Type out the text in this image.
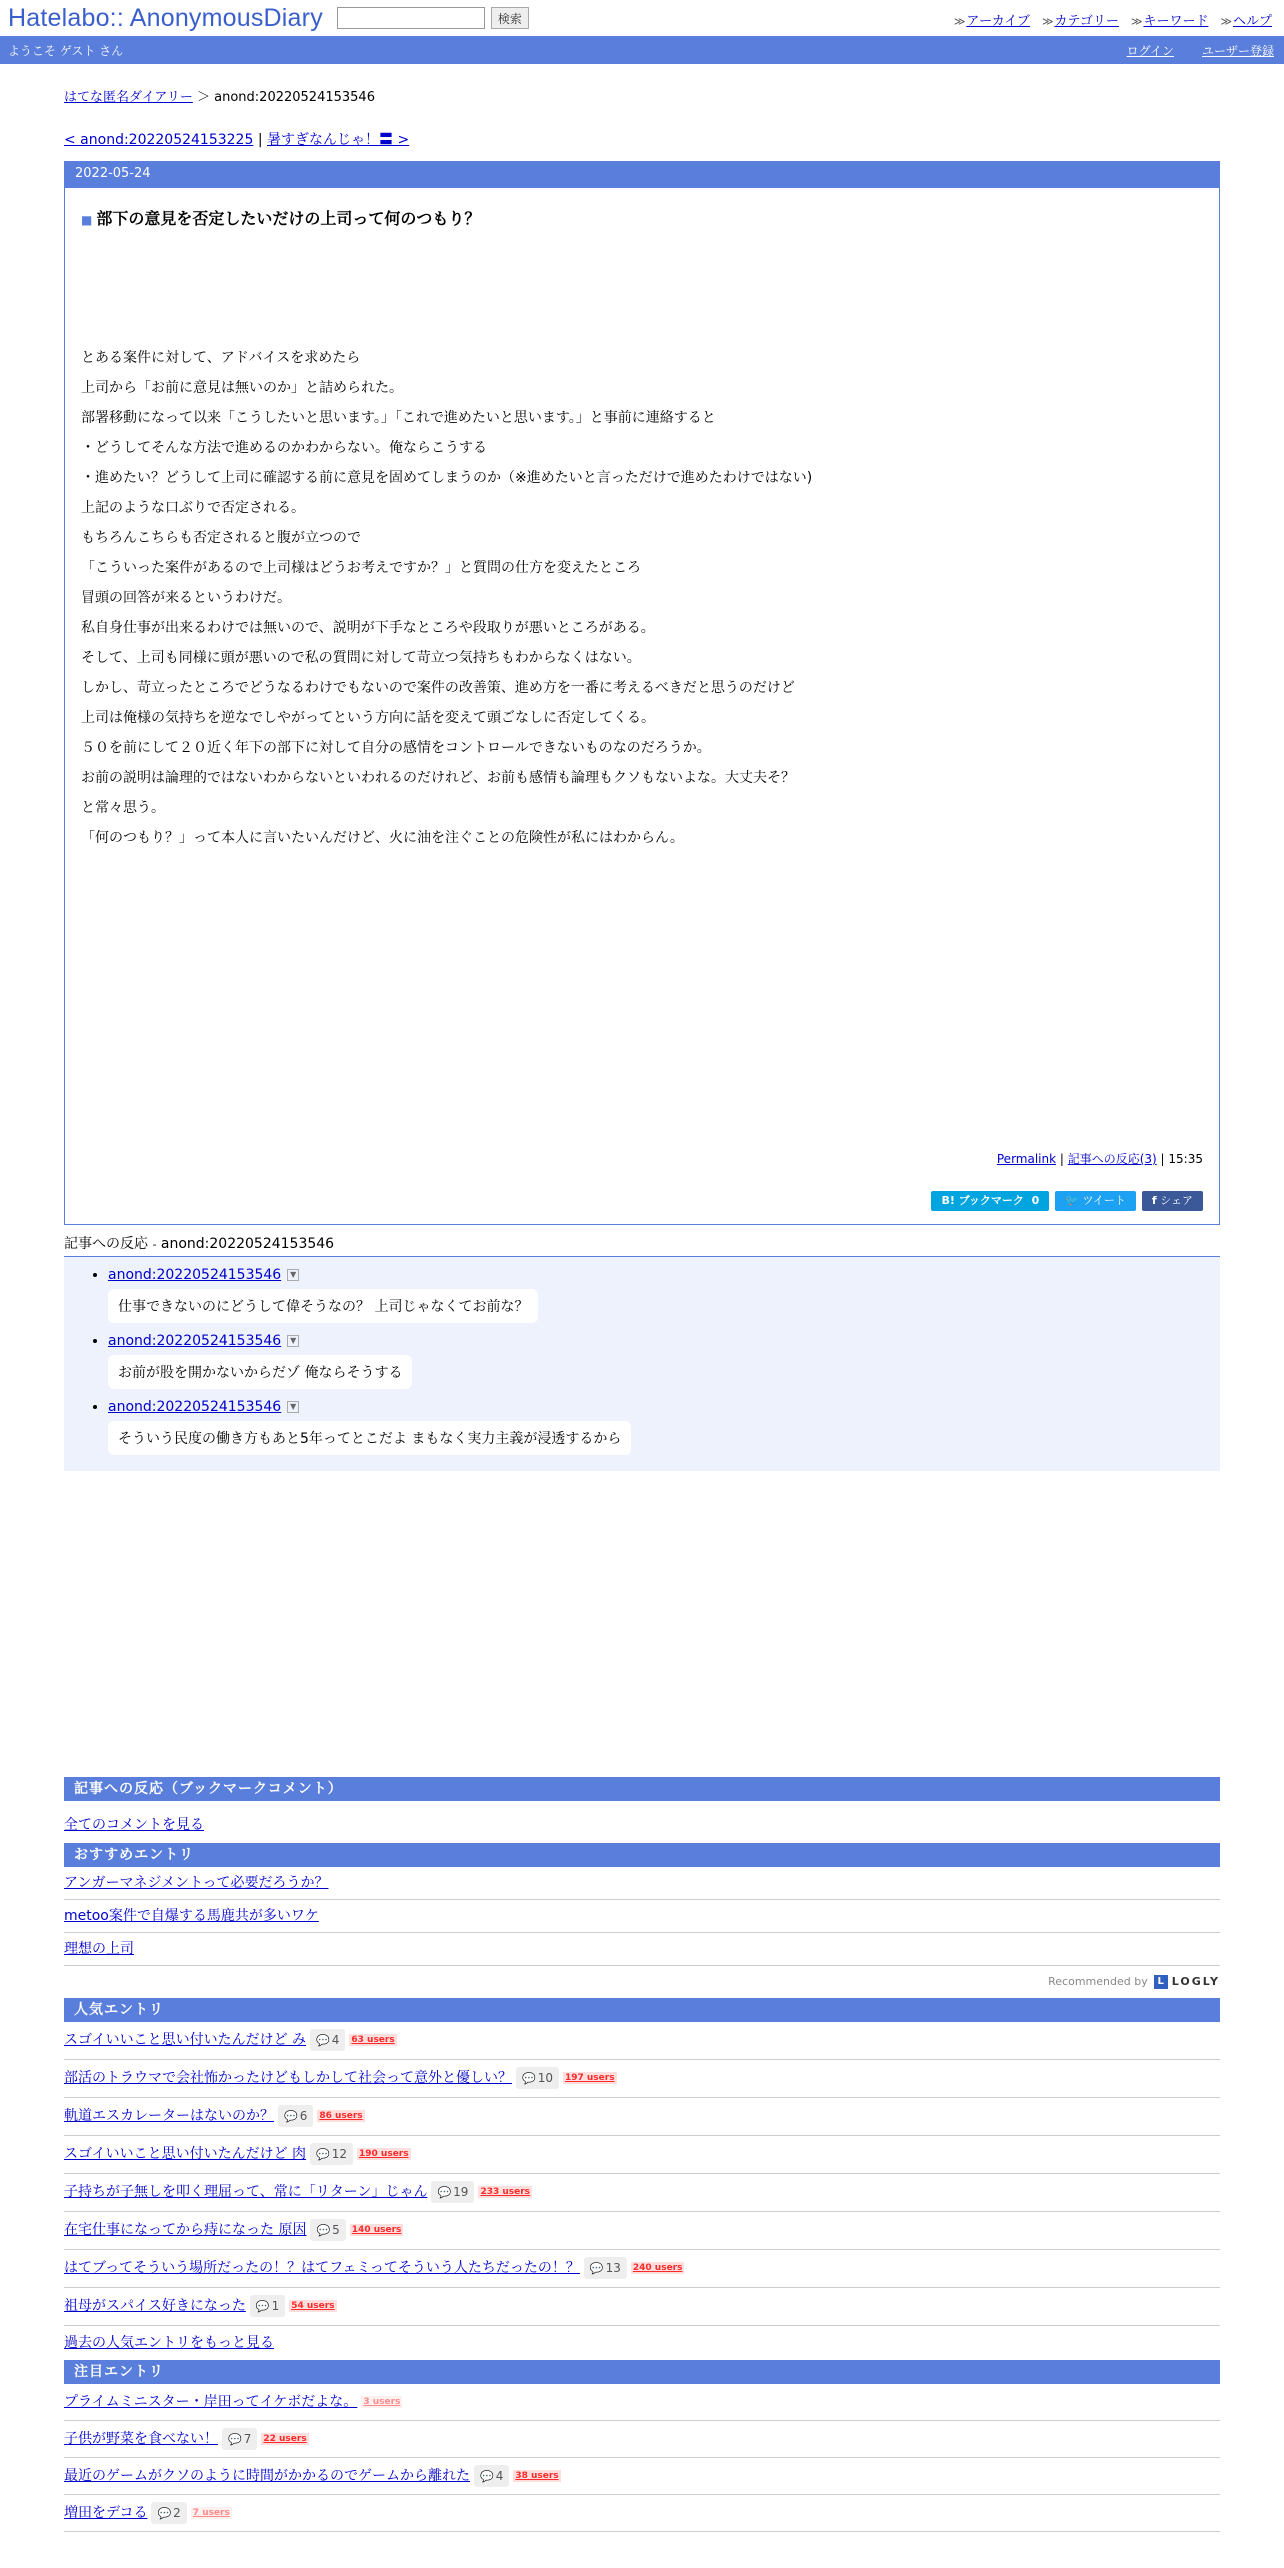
Hatelabo:: AnonymousDiary	検索	≫アーカイブ ≫カテゴリー ≫キーワード ≫ヘルプ
ようこそ ゲスト さん	ログイン ユーザー登録
はてな匿名ダイアリー ＞ anond:20220524153546
< anond:20220524153225 | 暑すぎなんじゃ！〓 >
2022-05-24
■ 部下の意見を否定したいだけの上司って何のつもり？

とある案件に対して、アドバイスを求めたら

上司から「お前に意見は無いのか」と詰められた。

部署移動になって以来「こうしたいと思います。」「これで進めたいと思います。」と事前に連絡すると

・どうしてそんな方法で進めるのかわからない。俺ならこうする

・進めたい？どうして上司に確認する前に意見を固めてしまうのか（※進めたいと言っただけで進めたわけではない)

上記のような口ぶりで否定される。

もちろんこちらも否定されると腹が立つので

「こういった案件があるので上司様はどうお考えですか？」と質問の仕方を変えたところ

冒頭の回答が来るというわけだ。

私自身仕事が出来るわけでは無いので、説明が下手なところや段取りが悪いところがある。

そして、上司も同様に頭が悪いので私の質問に対して苛立つ気持ちもわからなくはない。

しかし、苛立ったところでどうなるわけでもないので案件の改善策、進め方を一番に考えるべきだと思うのだけど

上司は俺様の気持ちを逆なでしやがってという方向に話を変えて頭ごなしに否定してくる。

５０を前にして２０近く年下の部下に対して自分の感情をコントロールできないものなのだろうか。

お前の説明は論理的ではないわからないといわれるのだけれど、お前も感情も論理もクソもないよな。大丈夫そ？

と常々思う。

「何のつもり？」って本人に言いたいんだけど、火に油を注ぐことの危険性が私にはわからん。

Permalink | 記事への反応(3) | 15:35
B! ブックマーク 0	🐦 ツイート	f シェア
記事への反応 - anond:20220524153546
• anond:20220524153546 ▼
仕事できないのにどうして偉そうなの？ 上司じゃなくてお前な？
• anond:20220524153546 ▼
お前が股を開かないからだゾ 俺ならそうする
• anond:20220524153546 ▼
そういう民度の働き方もあと5年ってとこだよ まもなく実力主義が浸透するから
記事への反応（ブックマークコメント）
全てのコメントを見る
おすすめエントリ
アンガーマネジメントって必要だろうか？
metoo案件で自爆する馬鹿共が多いワケ
理想の上司
Recommended by L LOGLY
人気エントリ
スゴイいいこと思い付いたんだけど み 💬 4 63 users
部活のトラウマで会社怖かったけどもしかして社会って意外と優しい？ 💬 10 197 users
軌道エスカレーターはないのか？ 💬 6 86 users
スゴイいいこと思い付いたんだけど 肉 💬 12 190 users
子持ちが子無しを叩く理屈って、常に「リターン」じゃん 💬 19 233 users
在宅仕事になってから痔になった 原因 💬 5 140 users
はてブってそういう場所だったの！？はてフェミってそういう人たちだったの！？ 💬 13 240 users
祖母がスパイス好きになった 💬 1 54 users
過去の人気エントリをもっと見る
注目エントリ
プライムミニスター・岸田ってイケボだよな。 3 users
子供が野菜を食べない！ 💬 7 22 users
最近のゲームがクソのように時間がかかるのでゲームから離れた 💬 4 38 users
増田をデコる 💬 2 7 users
